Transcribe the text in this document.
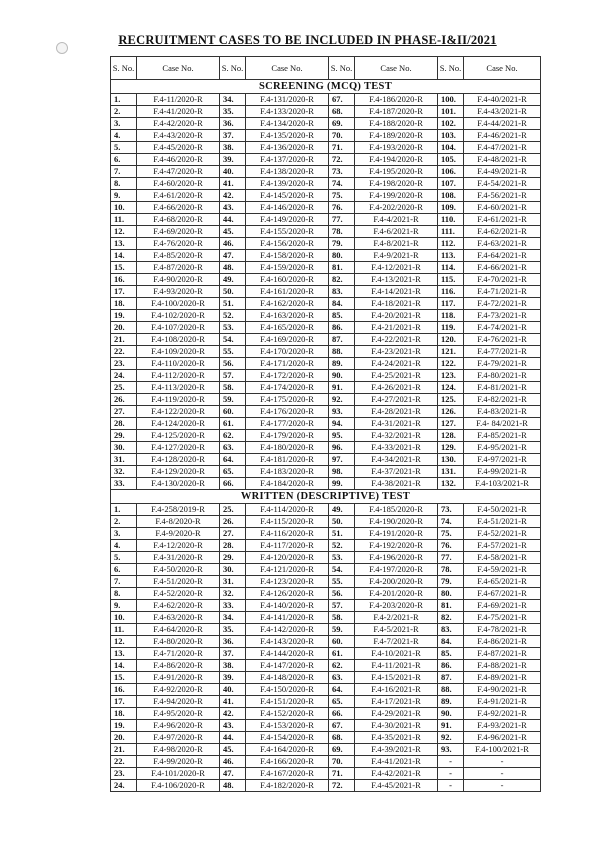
RECRUITMENT CASES TO BE INCLUDED IN PHASE-I&II/2021
S. No.	Case No.	S. No.	Case No.	S. No.	Case No.	S. No.	Case No.
SCREENING (MCQ) TEST							
1.	F.4-11/2020-R	34.	F.4-131/2020-R	67.	F.4-186/2020-R	100.	F.4-40/2021-R
2.	F.4-41/2020-R	35.	F.4-133/2020-R	68.	F.4-187/2020-R	101.	F.4-43/2021-R
3.	F.4-42/2020-R	36.	F.4-134/2020-R	69.	F.4-188/2020-R	102.	F.4-44/2021-R
4.	F.4-43/2020-R	37.	F.4-135/2020-R	70.	F.4-189/2020-R	103.	F.4-46/2021-R
5.	F.4-45/2020-R	38.	F.4-136/2020-R	71.	F.4-193/2020-R	104.	F.4-47/2021-R
6.	F.4-46/2020-R	39.	F.4-137/2020-R	72.	F.4-194/2020-R	105.	F.4-48/2021-R
7.	F.4-47/2020-R	40.	F.4-138/2020-R	73.	F.4-195/2020-R	106.	F.4-49/2021-R
8.	F.4-60/2020-R	41.	F.4-139/2020-R	74.	F.4-198/2020-R	107.	F.4-54/2021-R
9.	F.4-61/2020-R	42.	F.4-145/2020-R	75.	F.4-199/2020-R	108.	F.4-56/2021-R
10.	F.4-66/2020-R	43.	F.4-146/2020-R	76.	F.4-202/2020-R	109.	F.4-60/2021-R
11.	F.4-68/2020-R	44.	F.4-149/2020-R	77.	F.4-4/2021-R	110.	F.4-61/2021-R
12.	F.4-69/2020-R	45.	F.4-155/2020-R	78.	F.4-6/2021-R	111.	F.4-62/2021-R
13.	F.4-76/2020-R	46.	F.4-156/2020-R	79.	F.4-8/2021-R	112.	F.4-63/2021-R
14.	F.4-85/2020-R	47.	F.4-158/2020-R	80.	F.4-9/2021-R	113.	F.4-64/2021-R
15.	F.4-87/2020-R	48.	F.4-159/2020-R	81.	F.4-12/2021-R	114.	F.4-66/2021-R
16.	F.4-90/2020-R	49.	F.4-160/2020-R	82.	F.4-13/2021-R	115.	F.4-70/2021-R
17.	F.4-93/2020-R	50.	F.4-161/2020-R	83.	F.4-14/2021-R	116.	F.4-71/2021-R
18.	F.4-100/2020-R	51.	F.4-162/2020-R	84.	F.4-18/2021-R	117.	F.4-72/2021-R
19.	F.4-102/2020-R	52.	F.4-163/2020-R	85.	F.4-20/2021-R	118.	F.4-73/2021-R
20.	F.4-107/2020-R	53.	F.4-165/2020-R	86.	F.4-21/2021-R	119.	F.4-74/2021-R
21.	F.4-108/2020-R	54.	F.4-169/2020-R	87.	F.4-22/2021-R	120.	F.4-76/2021-R
22.	F.4-109/2020-R	55.	F.4-170/2020-R	88.	F.4-23/2021-R	121.	F.4-77/2021-R
23.	F.4-110/2020-R	56.	F.4-171/2020-R	89.	F.4-24/2021-R	122.	F.4-79/2021-R
24.	F.4-112/2020-R	57.	F.4-172/2020-R	90.	F.4-25/2021-R	123.	F.4-80/2021-R
25.	F.4-113/2020-R	58.	F.4-174/2020-R	91.	F.4-26/2021-R	124.	F.4-81/2021-R
26.	F.4-119/2020-R	59.	F.4-175/2020-R	92.	F.4-27/2021-R	125.	F.4-82/2021-R
27.	F.4-122/2020-R	60.	F.4-176/2020-R	93.	F.4-28/2021-R	126.	F.4-83/2021-R
28.	F.4-124/2020-R	61.	F.4-177/2020-R	94.	F.4-31/2021-R	127.	F.4- 84/2021-R
29.	F.4-125/2020-R	62.	F.4-179/2020-R	95.	F.4-32/2021-R	128.	F.4-85/2021-R
30.	F.4-127/2020-R	63.	F.4-180/2020-R	96.	F.4-33/2021-R	129.	F.4-95/2021-R
31.	F.4-128/2020-R	64.	F.4-181/2020-R	97.	F.4-34/2021-R	130.	F.4-97/2021-R
32.	F.4-129/2020-R	65.	F.4-183/2020-R	98.	F.4-37/2021-R	131.	F.4-99/2021-R
33.	F.4-130/2020-R	66.	F.4-184/2020-R	99.	F.4-38/2021-R	132.	F.4-103/2021-R
WRITTEN (DESCRIPTIVE) TEST							
1.	F.4-258/2019-R	25.	F.4-114/2020-R	49.	F.4-185/2020-R	73.	F.4-50/2021-R
2.	F.4-8/2020-R	26.	F.4-115/2020-R	50.	F.4-190/2020-R	74.	F.4-51/2021-R
3.	F.4-9/2020-R	27.	F.4-116/2020-R	51.	F.4-191/2020-R	75.	F.4-52/2021-R
4.	F.4-12/2020-R	28.	F.4-117/2020-R	52.	F.4-192/2020-R	76.	F.4-57/2021-R
5.	F.4-31/2020-R	29.	F.4-120/2020-R	53.	F.4-196/2020-R	77.	F.4-58/2021-R
6.	F.4-50/2020-R	30.	F.4-121/2020-R	54.	F.4-197/2020-R	78.	F.4-59/2021-R
7.	F.4-51/2020-R	31.	F.4-123/2020-R	55.	F.4-200/2020-R	79.	F.4-65/2021-R
8.	F.4-52/2020-R	32.	F.4-126/2020-R	56.	F.4-201/2020-R	80.	F.4-67/2021-R
9.	F.4-62/2020-R	33.	F.4-140/2020-R	57.	F.4-203/2020-R	81.	F.4-69/2021-R
10.	F.4-63/2020-R	34.	F.4-141/2020-R	58.	F.4-2/2021-R	82.	F.4-75/2021-R
11.	F.4-64/2020-R	35.	F.4-142/2020-R	59.	F.4-5/2021-R	83.	F.4-78/2021-R
12.	F.4-80/2020-R	36.	F.4-143/2020-R	60.	F.4-7/2021-R	84.	F.4-86/2021-R
13.	F.4-71/2020-R	37.	F.4-144/2020-R	61.	F.4-10/2021-R	85.	F.4-87/2021-R
14.	F.4-86/2020-R	38.	F.4-147/2020-R	62.	F.4-11/2021-R	86.	F.4-88/2021-R
15.	F.4-91/2020-R	39.	F.4-148/2020-R	63.	F.4-15/2021-R	87.	F.4-89/2021-R
16.	F.4-92/2020-R	40.	F.4-150/2020-R	64.	F.4-16/2021-R	88.	F.4-90/2021-R
17.	F.4-94/2020-R	41.	F.4-151/2020-R	65.	F.4-17/2021-R	89.	F.4-91/2021-R
18.	F.4-95/2020-R	42.	F.4-152/2020-R	66.	F.4-29/2021-R	90.	F.4-92/2021-R
19.	F.4-96/2020-R	43.	F.4-153/2020-R	67.	F.4-30/2021-R	91.	F.4-93/2021-R
20.	F.4-97/2020-R	44.	F.4-154/2020-R	68.	F.4-35/2021-R	92.	F.4-96/2021-R
21.	F.4-98/2020-R	45.	F.4-164/2020-R	69.	F.4-39/2021-R	93.	F.4-100/2021-R
22.	F.4-99/2020-R	46.	F.4-166/2020-R	70.	F.4-41/2021-R	-	-
23.	F.4-101/2020-R	47.	F.4-167/2020-R	71.	F.4-42/2021-R	-	-
24.	F.4-106/2020-R	48.	F.4-182/2020-R	72.	F.4-45/2021-R	-	-
